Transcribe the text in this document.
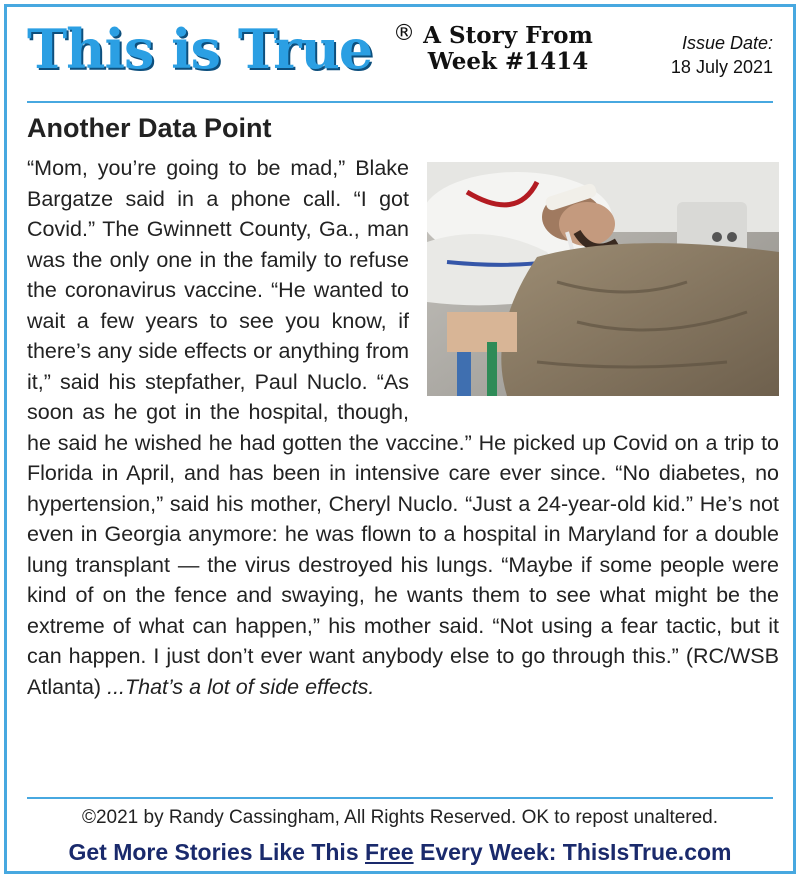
This is True ® A Story From
Week #1414
Issue Date:
18 July 2021
Another Data Point
“Mom, you’re going to be mad,” Blake Bargatze said in a phone call. “I got Covid.” The Gwinnett County, Ga., man was the only one in the family to refuse the coronavirus vaccine. “He wanted to wait a few years to see you know, if there’s any side effects or anything from it,” said his stepfather, Paul Nuclo. “As soon as he got in the hospital, though, he said he wished he had gotten the vaccine.” He picked up Covid on a trip to Florida in April, and has been in intensive care ever since. “No diabetes, no hypertension,” said his mother, Cheryl Nuclo. “Just a 24-year-old kid.” He’s not even in Georgia anymore: he was flown to a hospital in Maryland for a double lung transplant — the virus destroyed his lungs. “Maybe if some people were kind of on the fence and swaying, he wants them to see what might be the extreme of what can happen,” his mother said. “Not using a fear tactic, but it can happen. I just don’t ever want anybody else to go through this.” (RC/WSB Atlanta) ...That’s a lot of side effects.
©2021 by Randy Cassingham, All Rights Reserved. OK to repost unaltered.
Get More Stories Like This Free Every Week: ThisIsTrue.com
